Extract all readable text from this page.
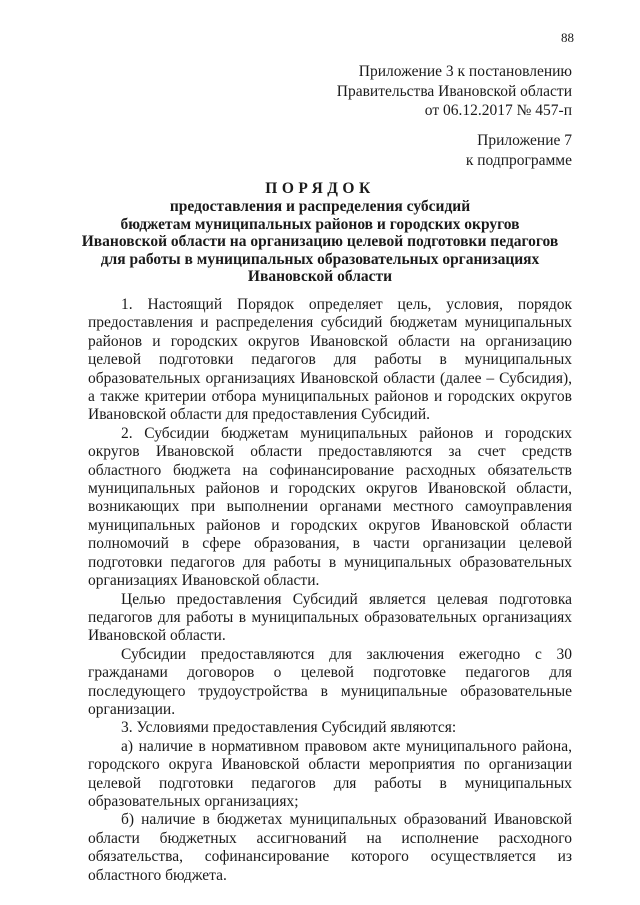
88
Приложение 3 к постановлению
Правительства Ивановской области
от 06.12.2017 № 457-п
Приложение 7
к подпрограмме
ПОРЯДОК
предоставления и распределения субсидий
бюджетам муниципальных районов и городских округов
Ивановской области на организацию целевой подготовки педагогов
для работы в муниципальных образовательных организациях
Ивановской области

1. Настоящий Порядок определяет цель, условия, порядок предоставления и распределения субсидий бюджетам муниципальных районов и городских округов Ивановской области на организацию целевой подготовки педагогов для работы в муниципальных образовательных организациях Ивановской области (далее – Субсидия), а также критерии отбора муниципальных районов и городских округов Ивановской области для предоставления Субсидий.

2. Субсидии бюджетам муниципальных районов и городских округов Ивановской области предоставляются за счет средств областного бюджета на софинансирование расходных обязательств муниципальных районов и городских округов Ивановской области, возникающих при выполнении органами местного самоуправления муниципальных районов и городских округов Ивановской области полномочий в сфере образования, в части организации целевой подготовки педагогов для работы в муниципальных образовательных организациях Ивановской области.

Целью предоставления Субсидий является целевая подготовка педагогов для работы в муниципальных образовательных организациях Ивановской области.

Субсидии предоставляются для заключения ежегодно с 30 гражданами договоров о целевой подготовке педагогов для последующего трудоустройства в муниципальные образовательные организации.

3. Условиями предоставления Субсидий являются:

а) наличие в нормативном правовом акте муниципального района, городского округа Ивановской области мероприятия по организации целевой подготовки педагогов для работы в муниципальных образовательных организациях;

б) наличие в бюджетах муниципальных образований Ивановской области бюджетных ассигнований на исполнение расходного обязательства, софинансирование которого осуществляется из областного бюджета.
